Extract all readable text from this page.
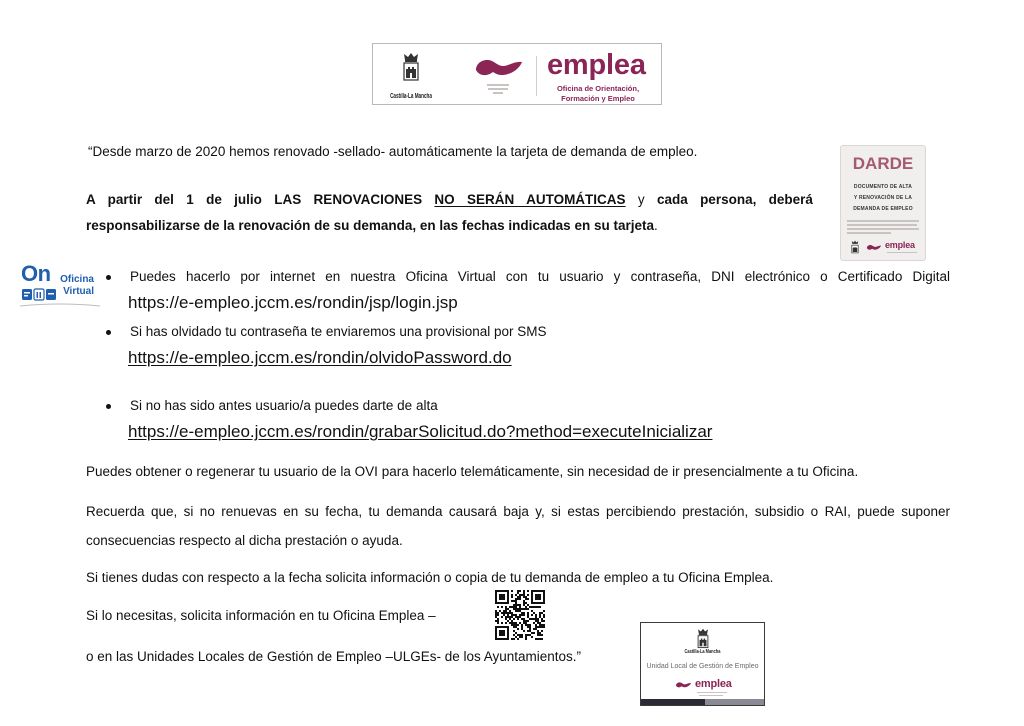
Castilla-La Mancha
emplea
Oficina de Orientación,
Formación y Empleo
“Desde marzo de 2020 hemos renovado -sellado- automáticamente la tarjeta de demanda de empleo.
DARDE
DOCUMENTO DE ALTA
Y RENOVACIÓN DE LA
DEMANDA DE EMPLEO
emplea
A partir del 1 de julio LAS RENOVACIONES NO SERÁN AUTOMÁTICAS y cada persona, deberá
responsabilizarse de la renovación de su demanda, en las fechas indicadas en su tarjeta.
On Oficina
Virtual
Puedes hacerlo por internet en nuestra Oficina Virtual con tu usuario y contraseña, DNI electrónico o Certificado Digital
https://e-empleo.jccm.es/rondin/jsp/login.jsp
Si has olvidado tu contraseña te enviaremos una provisional por SMS
https://e-empleo.jccm.es/rondin/olvidoPassword.do
Si no has sido antes usuario/a puedes darte de alta
https://e-empleo.jccm.es/rondin/grabarSolicitud.do?method=executeInicializar
Puedes obtener o regenerar tu usuario de la OVI para hacerlo telemáticamente, sin necesidad de ir presencialmente a tu Oficina.
Recuerda que, si no renuevas en su fecha, tu demanda causará baja y, si estas percibiendo prestación, subsidio o RAI, puede suponer
consecuencias respecto al dicha prestación o ayuda.
Si tienes dudas con respecto a la fecha solicita información o copia de tu demanda de empleo a tu Oficina Emplea.
Si lo necesitas, solicita información en tu Oficina Emplea –
o en las Unidades Locales de Gestión de Empleo –ULGEs- de los Ayuntamientos.”	Castilla-La Mancha
Unidad Local de Gestión de Empleo
emplea
